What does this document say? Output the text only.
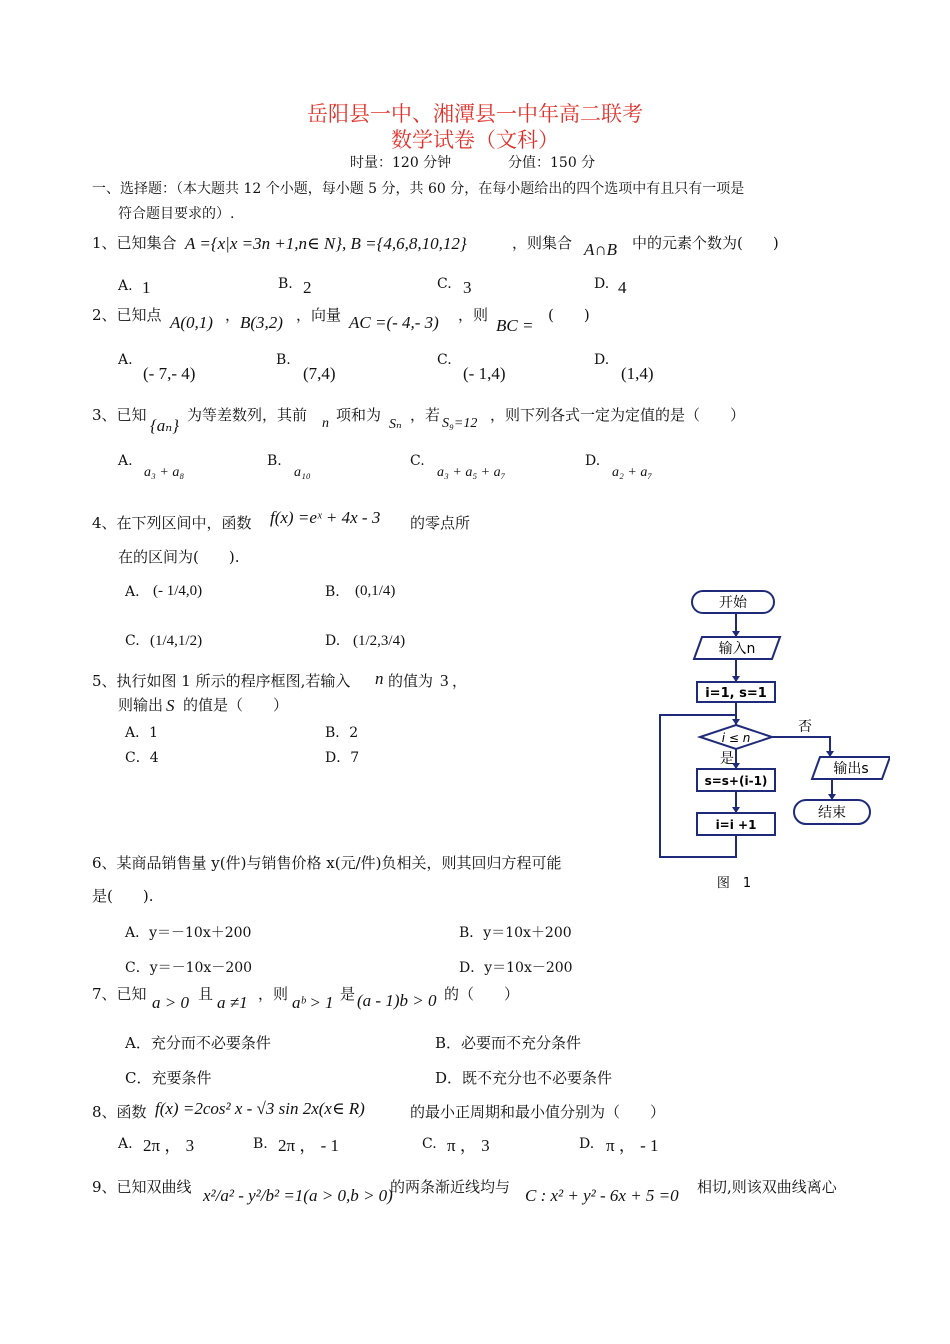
岳阳县一中、湘潭县一中年高二联考
数学试卷（文科）
时量：120 分钟	分值：150 分
一、选择题：（本大题共 12 个小题，每小题 5 分，共 60 分，在每小题给出的四个选项中有且只有一项是
符合题目要求的）.
1、已知集合 A ={x|x =3n +1,n∈ N}, B ={4,6,8,10,12}	，则集合 A∩B 中的元素个数为(　　)
A. 1	B. 2	C. 3	D. 4
2、已知点 A(0,1) ， B(3,2) ，向量 AC =(- 4,- 3) ，则
BC =
(　　)
A.
(- 7,- 4)
B.
(7,4)
C.
(- 1,4)
D.
(1,4)
3、已知
{aₙ}
为等差数列，其前 n 项和为
Sₙ
，若 S₉=12 ，则下列各式一定为定值的是（　　）
A.
a₃ + a₈
B.
a₁₀
C.
a₃ + a₅ + a₇
D.
a₂ + a₇
4、在下列区间中，函数 f(x) =eˣ + 4x - 3 的零点所
在的区间为(　　).
A. (- 1/4,0)	B. (0,1/4)
C. (1/4,1/2)	D. (1/2,3/4)
5、执行如图 1 所示的程序框图,若输入 n 的值为 3 ，
则输出 S 的值是（　　）
A．1	B．2
C．4	D．7
开始
输入n
i=1, s=1
i ≤ n
否
是
s=s+(i-1)
i=i +1
输出s
结束
图　1
6、某商品销售量 y(件)与销售价格 x(元/件)负相关，则其回归方程可能
是(　　).
A．y＝－10x＋200	B．y＝10x＋200
C．y＝－10x－200	D．y＝10x－200
7、已知 a > 0 且 a ≠1 ，则 aᵇ > 1 是 (a - 1)b > 0 的（　　）
A．充分而不必要条件	B．必要而不充分条件
C．充要条件	D．既不充分也不必要条件
8、函数 f(x) =2cos² x - √3 sin 2x(x∈ R)	的最小正周期和最小值分别为（　　）
A. 2π ， 3	B. 2π ， - 1	C. π ， 3	D. π ， - 1
9、已知双曲线 x²/a² - y²/b² =1(a > 0,b > 0)
的两条渐近线均与 C : x² + y² - 6x + 5 =0 相切,则该双曲线离心
